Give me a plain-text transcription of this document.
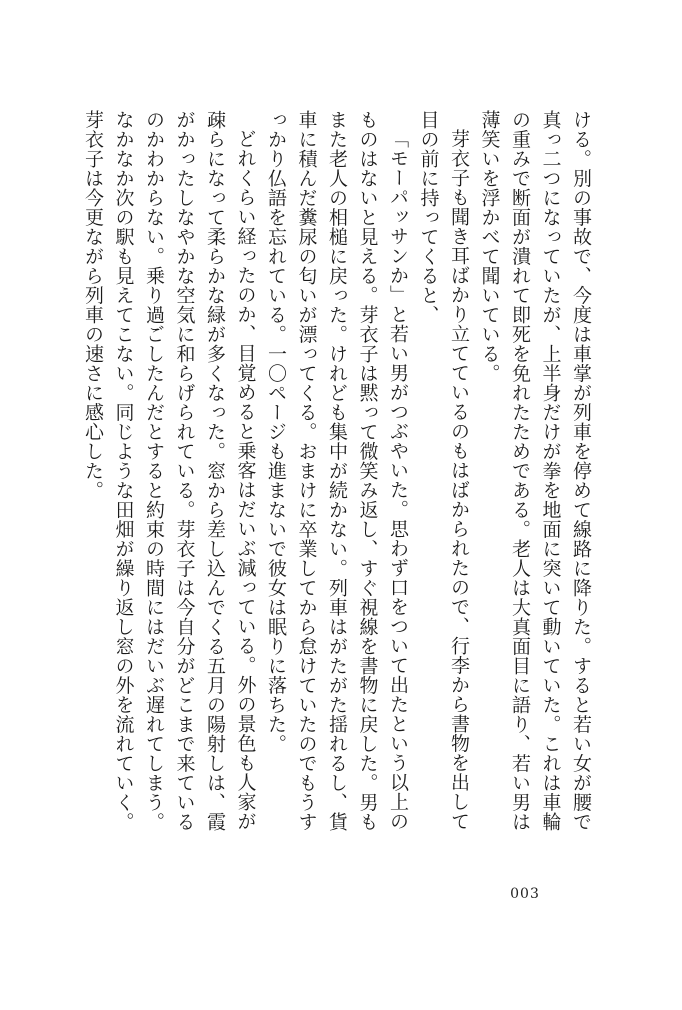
ける。別の事故で、今度は車掌が列車を停めて線路に降りた。すると若い女が腰で真っ二つになっていたが、上半身だけが拳を地面に突いて動いていた。これは車輪の重みで断面が潰れて即死を免れたためである。老人は大真面目に語り、若い男は薄笑いを浮かべて聞いている。

芽衣子も聞き耳ばかり立てているのもはばかられたので、行李から書物を出して目の前に持ってくると、

「モーパッサンか」と若い男がつぶやいた。思わず口をついて出たという以上のものはないと見える。芽衣子は黙って微笑み返し、すぐ視線を書物に戻した。男もまた老人の相槌に戻った。けれども集中が続かない。列車はがたがた揺れるし、貨車に積んだ糞尿の匂いが漂ってくる。おまけに卒業してから怠けていたのでもうすっかり仏語を忘れている。一〇ページも進まないで彼女は眠りに落ちた。

どれくらい経ったのか、目覚めると乗客はだいぶ減っている。外の景色も人家が疎らになって柔らかな緑が多くなった。窓から差し込んでくる五月の陽射しは、霞がかったしなやかな空気に和らげられている。芽衣子は今自分がどこまで来ているのかわからない。乗り過ごしたんだとすると約束の時間にはだいぶ遅れてしまう。なかなか次の駅も見えてこない。同じような田畑が繰り返し窓の外を流れていく。芽衣子は今更ながら列車の速さに感心した。

003
